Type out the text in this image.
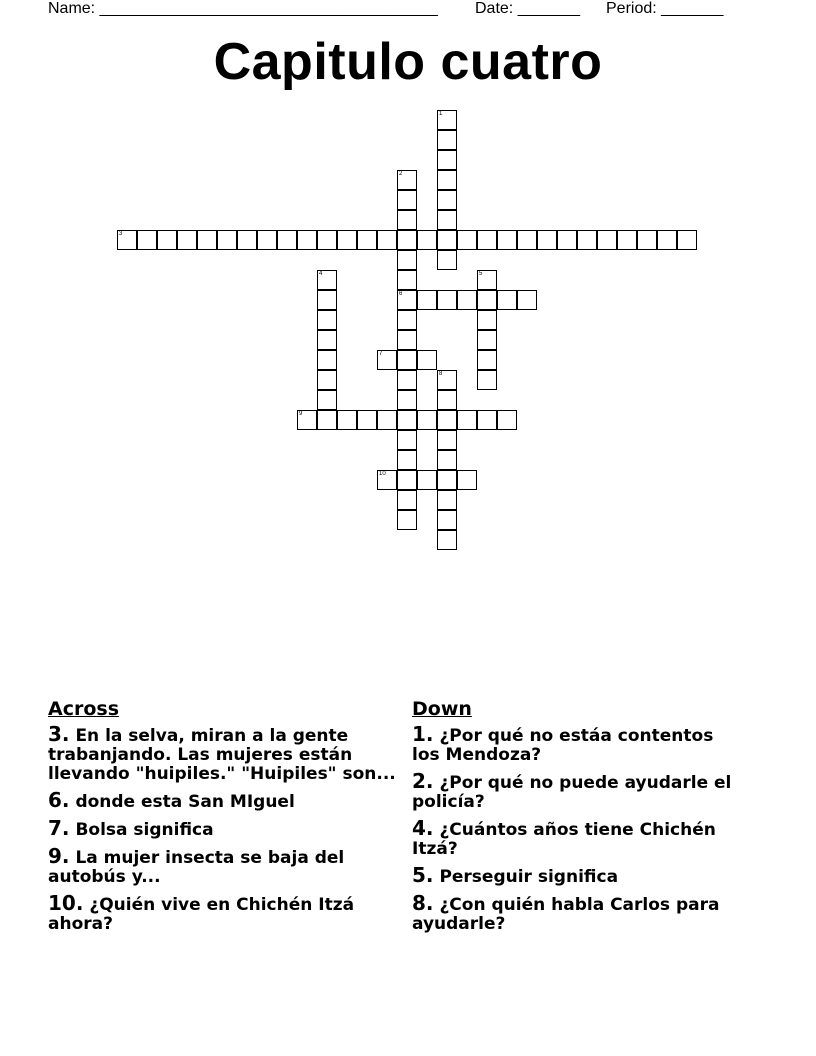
Name: ______________________________________ Date: _______ Period: _______
Capitulo cuatro
1
2
6
3
4	5
7
8
9
10
Across
3. En la selva, miran a la gente trabanjando. Las mujeres están llevando "huipiles." "Huipiles" son...
6. donde esta San MIguel
7. Bolsa significa
9. La mujer insecta se baja del autobús y...
10. ¿Quién vive en Chichén Itzá ahora?
Down
1. ¿Por qué no estáa contentos los Mendoza?
2. ¿Por qué no puede ayudarle el policía?
4. ¿Cuántos años tiene Chichén Itzá?
5. Perseguir significa
8. ¿Con quién habla Carlos para ayudarle?
